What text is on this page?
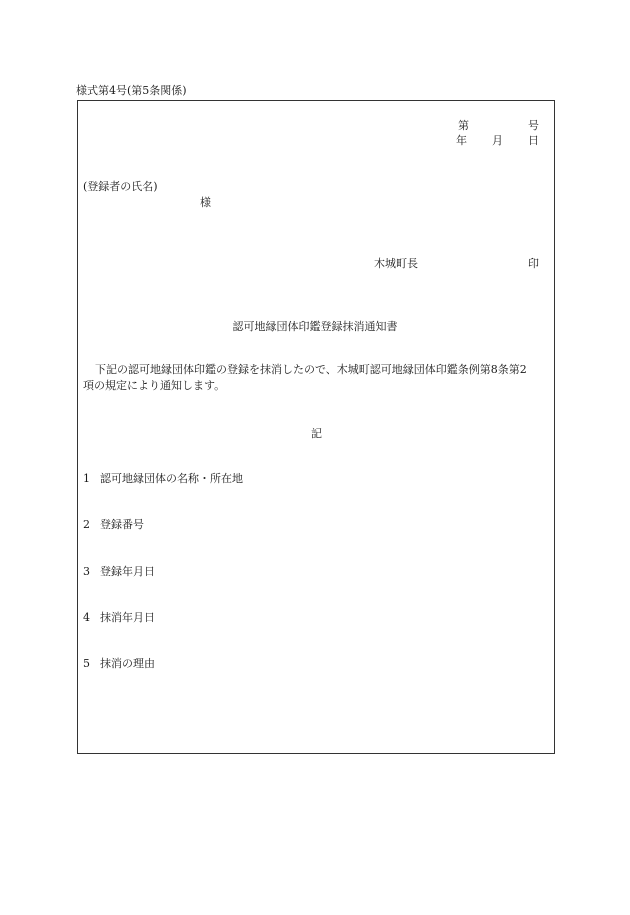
様式第4号(第5条関係)
第	号
年 月 日
(登録者の氏名)
様
木城町長	印
認可地縁団体印鑑登録抹消通知書
下記の認可地縁団体印鑑の登録を抹消したので、木城町認可地縁団体印鑑条例第8条第2
項の規定により通知します。
記
1 認可地縁団体の名称・所在地
2 登録番号
3 登録年月日
4 抹消年月日
5 抹消の理由
